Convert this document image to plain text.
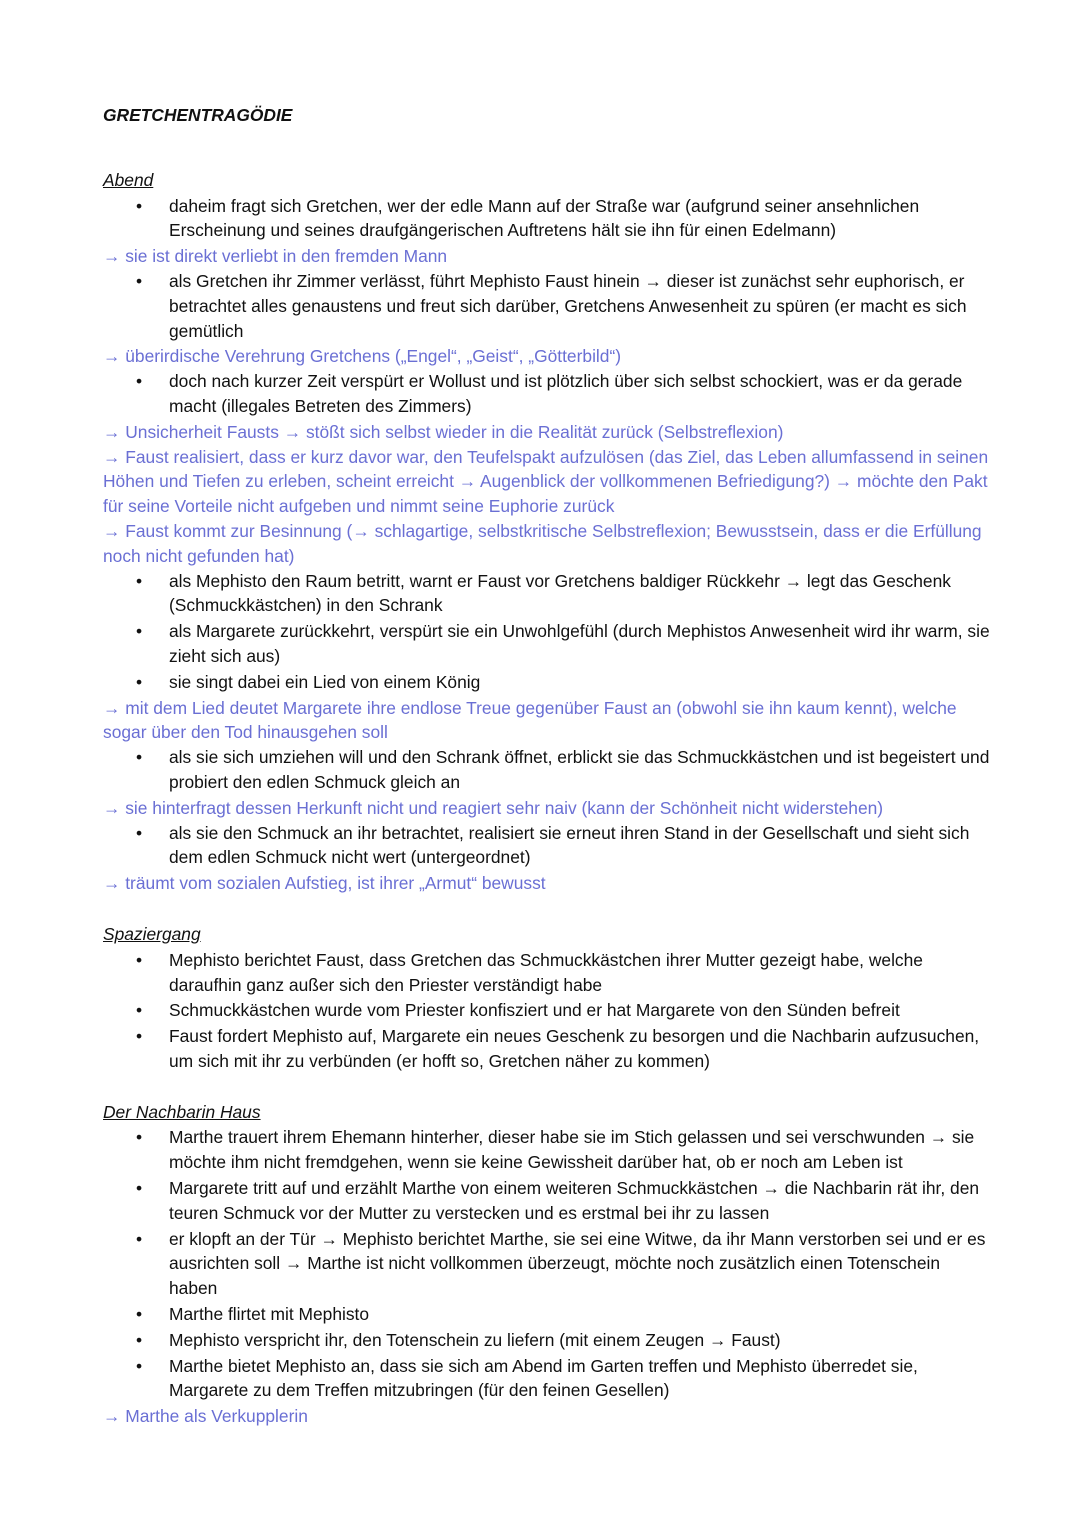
GRETCHENTRAGÖDIE
Abend
• daheim fragt sich Gretchen, wer der edle Mann auf der Straße war (aufgrund seiner ansehnlichen Erscheinung und seines draufgängerischen Auftretens hält sie ihn für einen Edelmann)
→ sie ist direkt verliebt in den fremden Mann
• als Gretchen ihr Zimmer verlässt, führt Mephisto Faust hinein → dieser ist zunächst sehr euphorisch, er betrachtet alles genaustens und freut sich darüber, Gretchens Anwesenheit zu spüren (er macht es sich gemütlich
→ überirdische Verehrung Gretchens („Engel“, „Geist“, „Götterbild“)
• doch nach kurzer Zeit verspürt er Wollust und ist plötzlich über sich selbst schockiert, was er da gerade macht (illegales Betreten des Zimmers)
→ Unsicherheit Fausts → stößt sich selbst wieder in die Realität zurück (Selbstreflexion)
→ Faust realisiert, dass er kurz davor war, den Teufelspakt aufzulösen (das Ziel, das Leben allumfassend in seinen Höhen und Tiefen zu erleben, scheint erreicht → Augenblick der vollkommenen Befriedigung?) → möchte den Pakt für seine Vorteile nicht aufgeben und nimmt seine Euphorie zurück
→ Faust kommt zur Besinnung (→ schlagartige, selbstkritische Selbstreflexion; Bewusstsein, dass er die Erfüllung noch nicht gefunden hat)
• als Mephisto den Raum betritt, warnt er Faust vor Gretchens baldiger Rückkehr → legt das Geschenk (Schmuckkästchen) in den Schrank
• als Margarete zurückkehrt, verspürt sie ein Unwohlgefühl (durch Mephistos Anwesenheit wird ihr warm, sie zieht sich aus)
• sie singt dabei ein Lied von einem König
→ mit dem Lied deutet Margarete ihre endlose Treue gegenüber Faust an (obwohl sie ihn kaum kennt), welche sogar über den Tod hinausgehen soll
• als sie sich umziehen will und den Schrank öffnet, erblickt sie das Schmuckkästchen und ist begeistert und probiert den edlen Schmuck gleich an
→ sie hinterfragt dessen Herkunft nicht und reagiert sehr naiv (kann der Schönheit nicht widerstehen)
• als sie den Schmuck an ihr betrachtet, realisiert sie erneut ihren Stand in der Gesellschaft und sieht sich dem edlen Schmuck nicht wert (untergeordnet)
→ träumt vom sozialen Aufstieg, ist ihrer „Armut“ bewusst
Spaziergang
• Mephisto berichtet Faust, dass Gretchen das Schmuckkästchen ihrer Mutter gezeigt habe, welche daraufhin ganz außer sich den Priester verständigt habe
• Schmuckkästchen wurde vom Priester konfisziert und er hat Margarete von den Sünden befreit
• Faust fordert Mephisto auf, Margarete ein neues Geschenk zu besorgen und die Nachbarin aufzusuchen, um sich mit ihr zu verbünden (er hofft so, Gretchen näher zu kommen)
Der Nachbarin Haus
• Marthe trauert ihrem Ehemann hinterher, dieser habe sie im Stich gelassen und sei verschwunden → sie möchte ihm nicht fremdgehen, wenn sie keine Gewissheit darüber hat, ob er noch am Leben ist
• Margarete tritt auf und erzählt Marthe von einem weiteren Schmuckkästchen → die Nachbarin rät ihr, den teuren Schmuck vor der Mutter zu verstecken und es erstmal bei ihr zu lassen
• er klopft an der Tür → Mephisto berichtet Marthe, sie sei eine Witwe, da ihr Mann verstorben sei und er es ausrichten soll → Marthe ist nicht vollkommen überzeugt, möchte noch zusätzlich einen Totenschein haben
• Marthe flirtet mit Mephisto
• Mephisto verspricht ihr, den Totenschein zu liefern (mit einem Zeugen → Faust)
• Marthe bietet Mephisto an, dass sie sich am Abend im Garten treffen und Mephisto überredet sie, Margarete zu dem Treffen mitzubringen (für den feinen Gesellen)
→ Marthe als Verkupplerin
